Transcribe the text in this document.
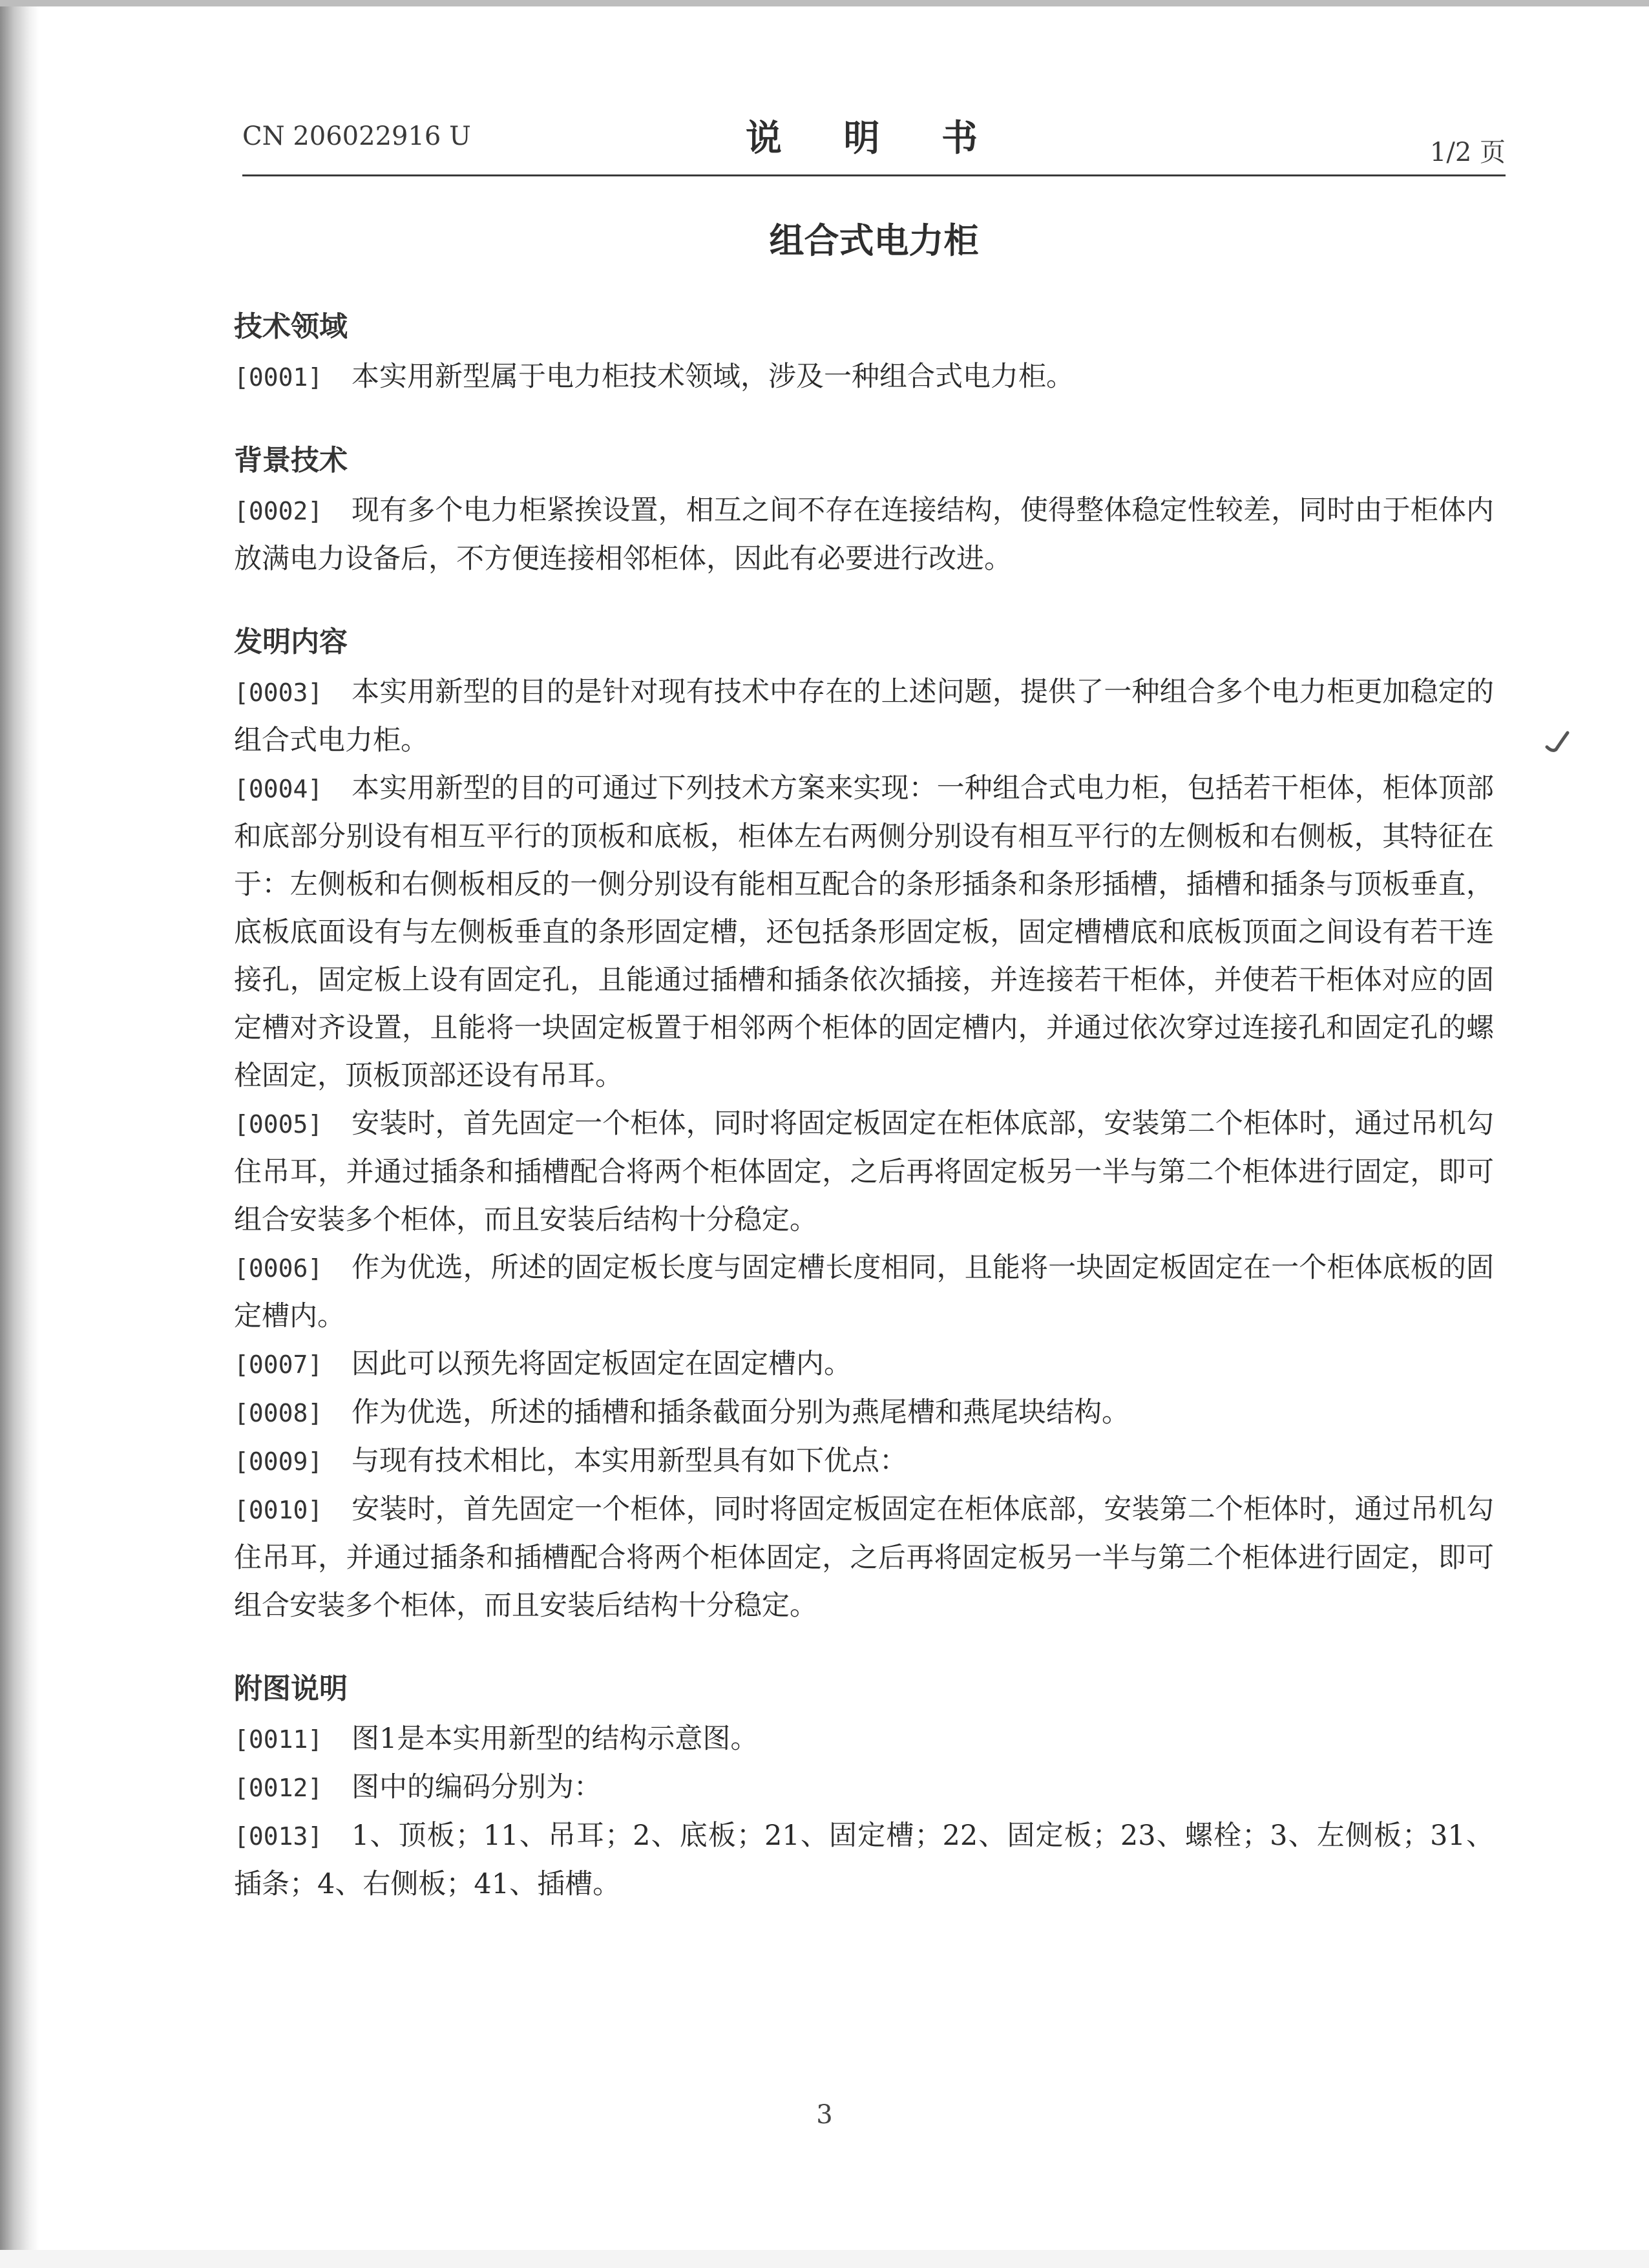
CN 206022916 U	说 明 书	1/2 页
组合式电力柜
技术领域
[0001] 本实用新型属于电力柜技术领域，涉及一种组合式电力柜。
背景技术
[0002] 现有多个电力柜紧挨设置，相互之间不存在连接结构，使得整体稳定性较差，同时由于柜体内放满电力设备后，不方便连接相邻柜体，因此有必要进行改进。
发明内容
[0003] 本实用新型的目的是针对现有技术中存在的上述问题，提供了一种组合多个电力柜更加稳定的组合式电力柜。
[0004] 本实用新型的目的可通过下列技术方案来实现：一种组合式电力柜，包括若干柜体，柜体顶部和底部分别设有相互平行的顶板和底板，柜体左右两侧分别设有相互平行的左侧板和右侧板，其特征在于：左侧板和右侧板相反的一侧分别设有能相互配合的条形插条和条形插槽，插槽和插条与顶板垂直，底板底面设有与左侧板垂直的条形固定槽，还包括条形固定板，固定槽槽底和底板顶面之间设有若干连接孔，固定板上设有固定孔，且能通过插槽和插条依次插接，并连接若干柜体，并使若干柜体对应的固定槽对齐设置，且能将一块固定板置于相邻两个柜体的固定槽内，并通过依次穿过连接孔和固定孔的螺栓固定，顶板顶部还设有吊耳。
[0005] 安装时，首先固定一个柜体，同时将固定板固定在柜体底部，安装第二个柜体时，通过吊机勾住吊耳，并通过插条和插槽配合将两个柜体固定，之后再将固定板另一半与第二个柜体进行固定，即可组合安装多个柜体，而且安装后结构十分稳定。
[0006] 作为优选，所述的固定板长度与固定槽长度相同，且能将一块固定板固定在一个柜体底板的固定槽内。
[0007] 因此可以预先将固定板固定在固定槽内。
[0008] 作为优选，所述的插槽和插条截面分别为燕尾槽和燕尾块结构。
[0009] 与现有技术相比，本实用新型具有如下优点：
[0010] 安装时，首先固定一个柜体，同时将固定板固定在柜体底部，安装第二个柜体时，通过吊机勾住吊耳，并通过插条和插槽配合将两个柜体固定，之后再将固定板另一半与第二个柜体进行固定，即可组合安装多个柜体，而且安装后结构十分稳定。
附图说明
[0011] 图1是本实用新型的结构示意图。
[0012] 图中的编码分别为：
[0013] 1、顶板；11、吊耳；2、底板；21、固定槽；22、固定板；23、螺栓；3、左侧板；31、插条；4、右侧板；41、插槽。
3
